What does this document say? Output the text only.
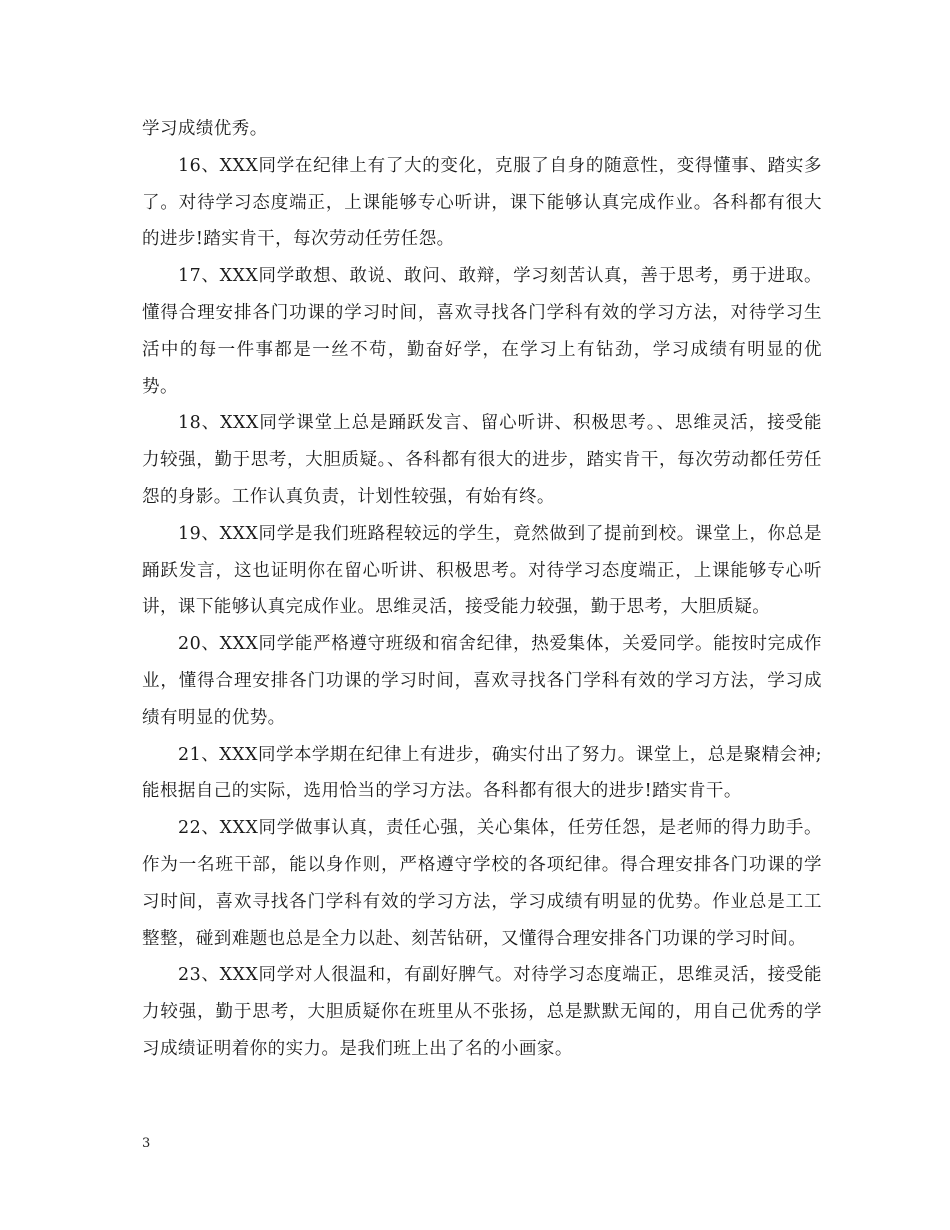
学习成绩优秀。

16、XXX同学在纪律上有了大的变化，克服了自身的随意性，变得懂事、踏实多了。对待学习态度端正，上课能够专心听讲，课下能够认真完成作业。各科都有很大的进步!踏实肯干，每次劳动任劳任怨。

17、XXX同学敢想、敢说、敢问、敢辩，学习刻苦认真，善于思考，勇于进取。懂得合理安排各门功课的学习时间，喜欢寻找各门学科有效的学习方法，对待学习生活中的每一件事都是一丝不苟，勤奋好学，在学习上有钻劲，学习成绩有明显的优势。

18、XXX同学课堂上总是踊跃发言、留心听讲、积极思考。、思维灵活，接受能力较强，勤于思考，大胆质疑。、各科都有很大的进步，踏实肯干，每次劳动都任劳任怨的身影。工作认真负责，计划性较强，有始有终。

19、XXX同学是我们班路程较远的学生，竟然做到了提前到校。课堂上，你总是踊跃发言，这也证明你在留心听讲、积极思考。对待学习态度端正，上课能够专心听讲，课下能够认真完成作业。思维灵活，接受能力较强，勤于思考，大胆质疑。

20、XXX同学能严格遵守班级和宿舍纪律，热爱集体，关爱同学。能按时完成作业，懂得合理安排各门功课的学习时间，喜欢寻找各门学科有效的学习方法，学习成绩有明显的优势。

21、XXX同学本学期在纪律上有进步，确实付出了努力。课堂上，总是聚精会神;能根据自己的实际，选用恰当的学习方法。各科都有很大的进步!踏实肯干。

22、XXX同学做事认真，责任心强，关心集体，任劳任怨，是老师的得力助手。作为一名班干部，能以身作则，严格遵守学校的各项纪律。得合理安排各门功课的学习时间，喜欢寻找各门学科有效的学习方法，学习成绩有明显的优势。作业总是工工整整，碰到难题也总是全力以赴、刻苦钻研，又懂得合理安排各门功课的学习时间。

23、XXX同学对人很温和，有副好脾气。对待学习态度端正，思维灵活，接受能力较强，勤于思考，大胆质疑你在班里从不张扬，总是默默无闻的，用自己优秀的学习成绩证明着你的实力。是我们班上出了名的小画家。

3
